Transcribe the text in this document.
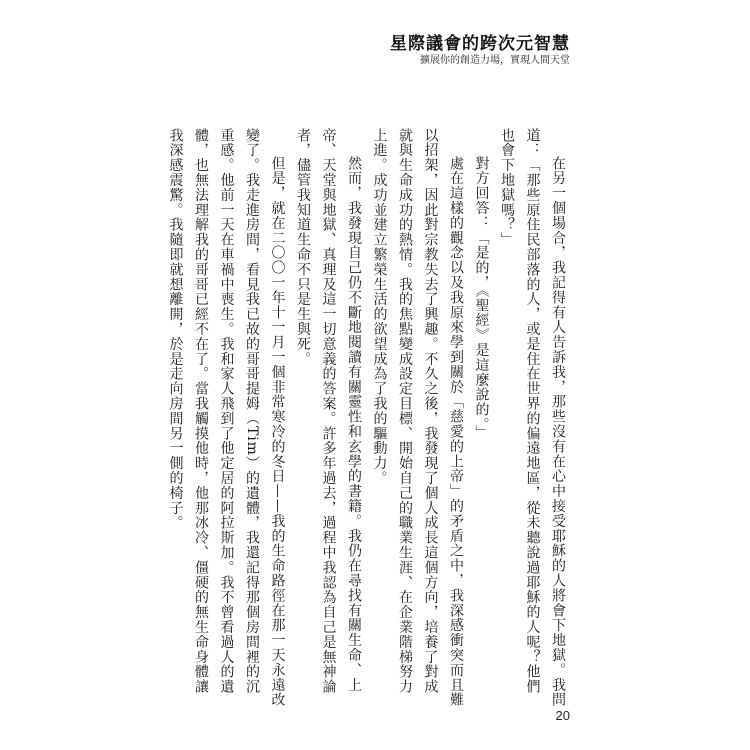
星際議會的跨次元智慧
擴展你的創造力場，實現人間天堂

在另一個場合，我記得有人告訴我，那些沒有在心中接受耶穌的人將會下地獄。我問道：「那些原住民部落的人，或是住在世界的偏遠地區，從未聽說過耶穌的人呢？他們也會下地獄嗎？」

對方回答：「是的，《聖經》是這麼說的。」

處在這樣的觀念以及我原來學到關於「慈愛的上帝」的矛盾之中，我深感衝突而且難以招架，因此對宗教失去了興趣。不久之後，我發現了個人成長這個方向，培養了對成就與生命成功的熱情。我的焦點變成設定目標、開始自己的職業生涯、在企業階梯努力上進。成功並建立繁榮生活的欲望成為了我的驅動力。

然而，我發現自己仍不斷地閱讀有關靈性和玄學的書籍。我仍在尋找有關生命、上帝、天堂與地獄、真理及這一切意義的答案。許多年過去，過程中我認為自己是無神論者，儘管我知道生命不只是生與死。

但是，就在二〇〇一年十一月一個非常寒冷的冬日——我的生命路徑在那一天永遠改變了。我走進房間，看見我已故的哥哥提姆（Tim）的遺體，我還記得那個房間裡的沉重感。他前一天在車禍中喪生。我和家人飛到了他定居的阿拉斯加。我不曾看過人的遺體，也無法理解我的哥哥已經不在了。當我觸摸他時，他那冰冷、僵硬的無生命身體讓我深感震驚。我隨即就想離開，於是走向房間另一側的椅子。

20
